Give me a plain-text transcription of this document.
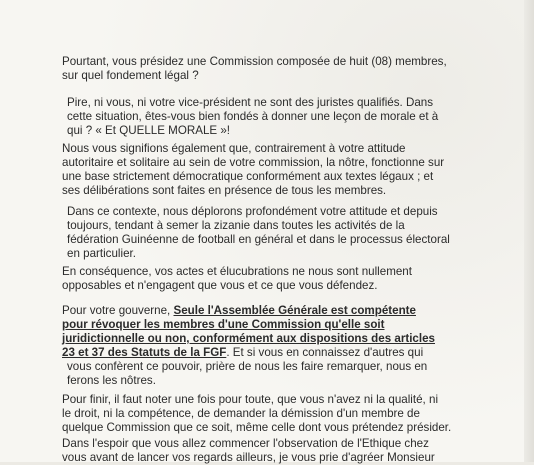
Pourtant, vous présidez une Commission composée de huit (08) membres,
sur quel fondement légal ?

Pire, ni vous, ni votre vice-président ne sont des juristes qualifiés. Dans
cette situation, êtes-vous bien fondés à donner une leçon de morale et à
qui ? « Et QUELLE MORALE »!

Nous vous signifions également que, contrairement à votre attitude
autoritaire et solitaire au sein de votre commission, la nôtre, fonctionne sur
une base strictement démocratique conformément aux textes légaux ; et
ses délibérations sont faites en présence de tous les membres.

Dans ce contexte, nous déplorons profondément votre attitude et depuis
toujours, tendant à semer la zizanie dans toutes les activités de la
fédération Guinéenne de football en général et dans le processus électoral
en particulier.

En conséquence, vos actes et élucubrations ne nous sont nullement
opposables et n'engagent que vous et ce que vous défendez.

Pour votre gouverne, Seule l'Assemblée Générale est compétente
pour révoquer les membres d'une Commission qu'elle soit
juridictionnelle ou non, conformément aux dispositions des articles
23 et 37 des Statuts de la FGF. Et si vous en connaissez d'autres qui
vous confèrent ce pouvoir, prière de nous les faire remarquer, nous en
ferons les nôtres.

Pour finir, il faut noter une fois pour toute, que vous n'avez ni la qualité, ni
le droit, ni la compétence, de demander la démission d'un membre de
quelque Commission que ce soit, même celle dont vous prétendez présider.

Dans l'espoir que vous allez commencer l'observation de l'Ethique chez
vous avant de lancer vos regards ailleurs, je vous prie d'agréer Monsieur
